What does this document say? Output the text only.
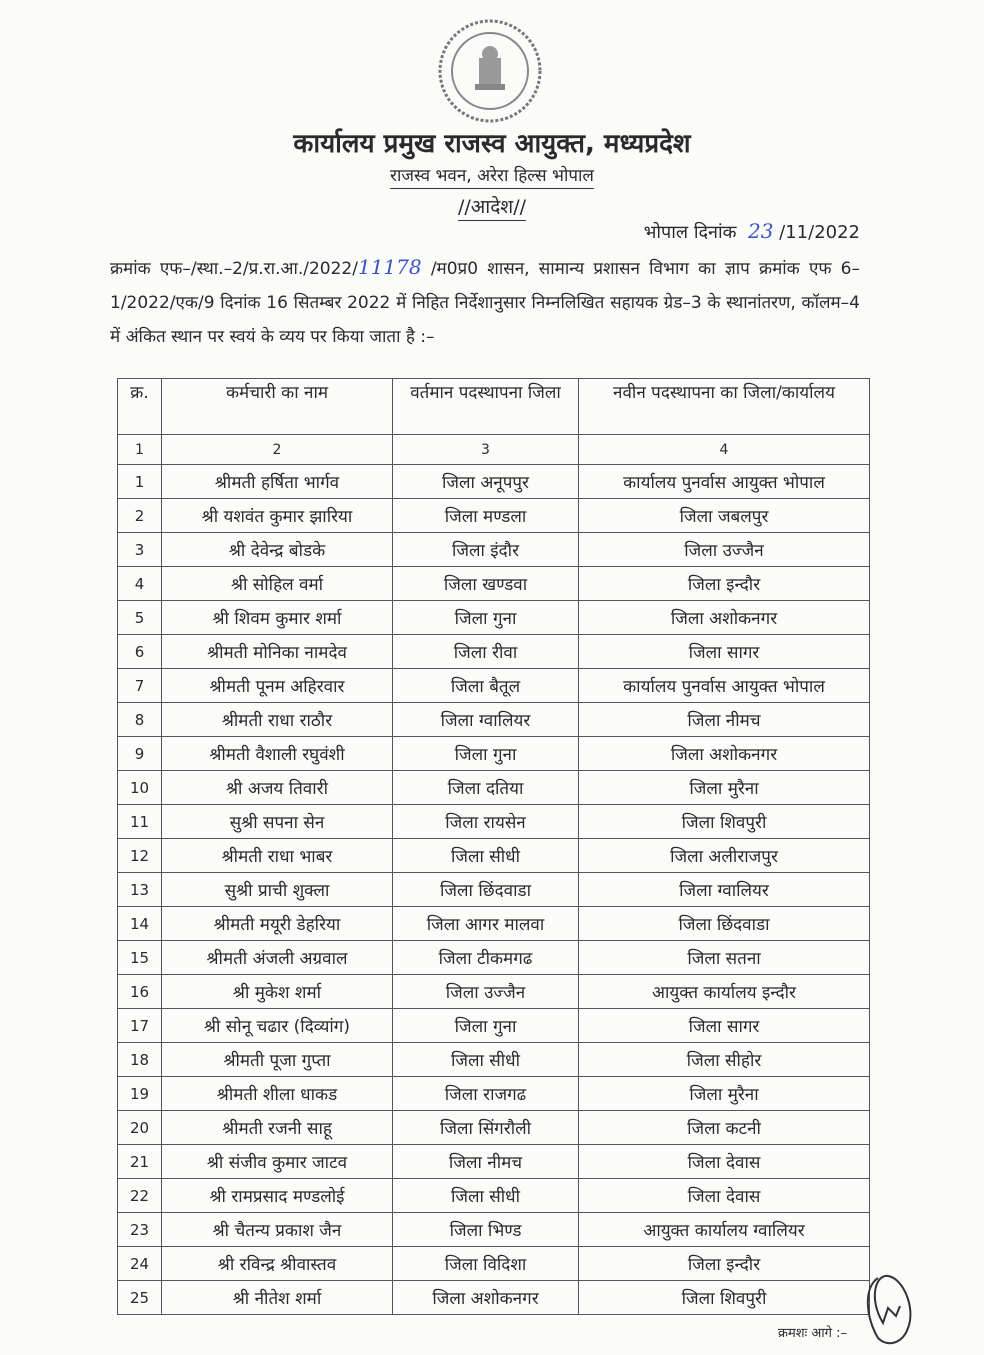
कार्यालय प्रमुख राजस्व आयुक्त, मध्यप्रदेश
राजस्व भवन, अरेरा हिल्स भोपाल
//आदेश//
भोपाल दिनांक 23 /11/2022
क्रमांक एफ–/स्था.–2/प्र.रा.आ./2022/11178 /म0प्र0 शासन, सामान्य प्रशासन विभाग का ज्ञाप क्रमांक एफ 6–1/2022/एक/9 दिनांक 16 सितम्बर 2022 में निहित निर्देशानुसार निम्नलिखित सहायक ग्रेड–3 के स्थानांतरण, कॉलम–4 में अंकित स्थान पर स्वयं के व्यय पर किया जाता है :–
क्र.	कर्मचारी का नाम	वर्तमान पदस्थापना जिला	नवीन पदस्थापना का जिला/कार्यालय
1	2	3	4
1	श्रीमती हर्षिता भार्गव	जिला अनूपपुर	कार्यालय पुनर्वास आयुक्त भोपाल
2	श्री यशवंत कुमार झारिया	जिला मण्डला	जिला जबलपुर
3	श्री देवेन्द्र बोडके	जिला इंदौर	जिला उज्जैन
4	श्री सोहिल वर्मा	जिला खण्डवा	जिला इन्दौर
5	श्री शिवम कुमार शर्मा	जिला गुना	जिला अशोकनगर
6	श्रीमती मोनिका नामदेव	जिला रीवा	जिला सागर
7	श्रीमती पूनम अहिरवार	जिला बैतूल	कार्यालय पुनर्वास आयुक्त भोपाल
8	श्रीमती राधा राठौर	जिला ग्वालियर	जिला नीमच
9	श्रीमती वैशाली रघुवंशी	जिला गुना	जिला अशोकनगर
10	श्री अजय तिवारी	जिला दतिया	जिला मुरैना
11	सुश्री सपना सेन	जिला रायसेन	जिला शिवपुरी
12	श्रीमती राधा भाबर	जिला सीधी	जिला अलीराजपुर
13	सुश्री प्राची शुक्ला	जिला छिंदवाडा	जिला ग्वालियर
14	श्रीमती मयूरी डेहरिया	जिला आगर मालवा	जिला छिंदवाडा
15	श्रीमती अंजली अग्रवाल	जिला टीकमगढ	जिला सतना
16	श्री मुकेश शर्मा	जिला उज्जैन	आयुक्त कार्यालय इन्दौर
17	श्री सोनू चढार (दिव्यांग)	जिला गुना	जिला सागर
18	श्रीमती पूजा गुप्ता	जिला सीधी	जिला सीहोर
19	श्रीमती शीला धाकड	जिला राजगढ	जिला मुरैना
20	श्रीमती रजनी साहू	जिला सिंगरौली	जिला कटनी
21	श्री संजीव कुमार जाटव	जिला नीमच	जिला देवास
22	श्री रामप्रसाद मण्डलोई	जिला सीधी	जिला देवास
23	श्री चैतन्य प्रकाश जैन	जिला भिण्ड	आयुक्त कार्यालय ग्वालियर
24	श्री रविन्द्र श्रीवास्तव	जिला विदिशा	जिला इन्दौर
25	श्री नीतेश शर्मा	जिला अशोकनगर	जिला शिवपुरी
क्रमशः आगे :–
